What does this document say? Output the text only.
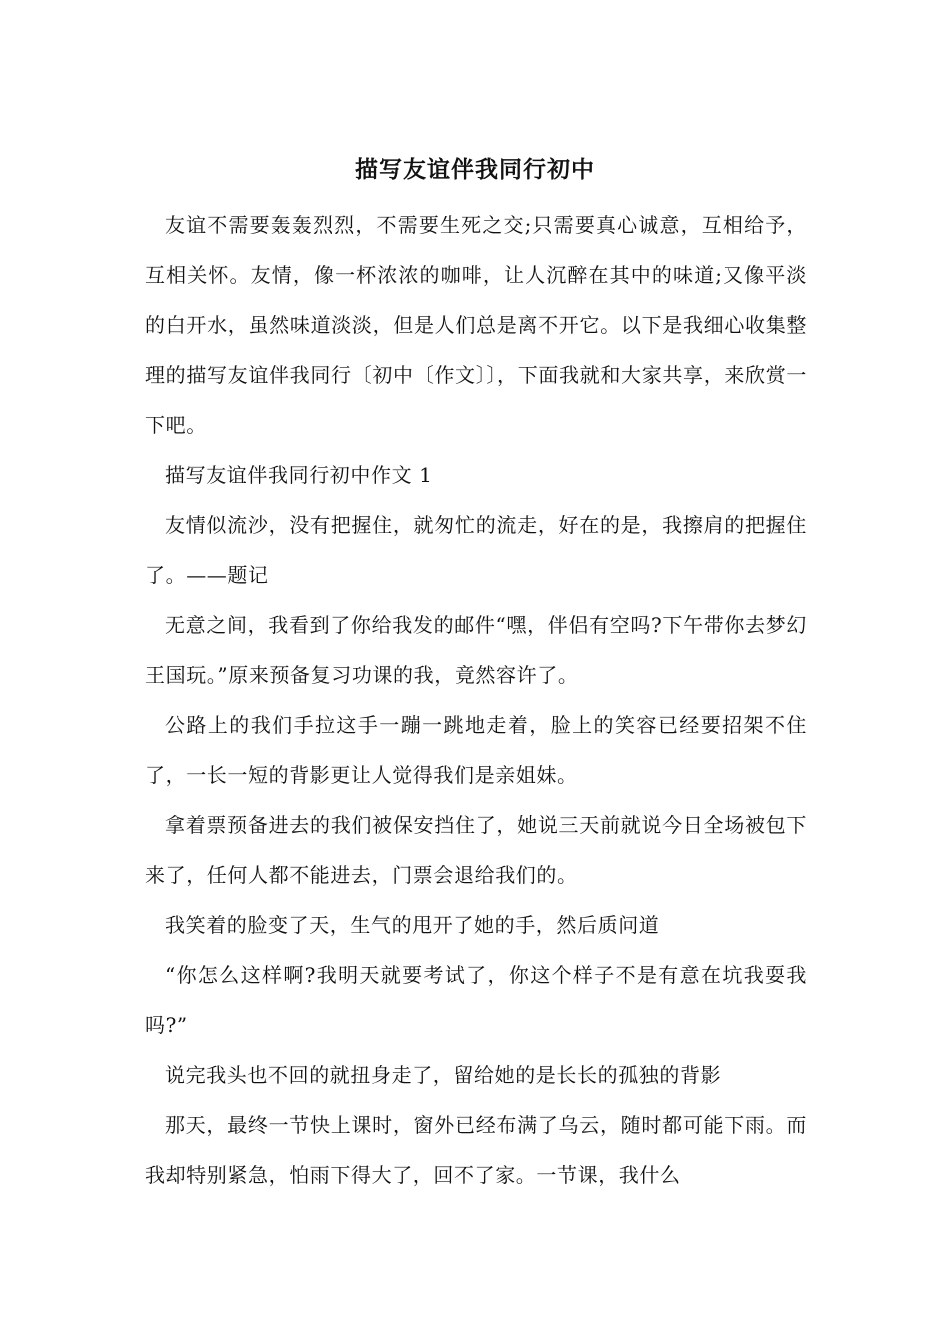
描写友谊伴我同行初中

友谊不需要轰轰烈烈，不需要生死之交;只需要真心诚意，互相给予，互相关怀。友情，像一杯浓浓的咖啡，让人沉醉在其中的味道;又像平淡的白开水，虽然味道淡淡，但是人们总是离不开它。以下是我细心收集整理的描写友谊伴我同行〔初中〔作文〕〕，下面我就和大家共享，来欣赏一下吧。

描写友谊伴我同行初中作文 1

友情似流沙，没有把握住，就匆忙的流走，好在的是，我擦肩的把握住了。——题记

无意之间，我看到了你给我发的邮件“嘿，伴侣有空吗?下午带你去梦幻王国玩。”原来预备复习功课的我，竟然容许了。

公路上的我们手拉这手一蹦一跳地走着，脸上的笑容已经要招架不住了，一长一短的背影更让人觉得我们是亲姐妹。

拿着票预备进去的我们被保安挡住了，她说三天前就说今日全场被包下来了，任何人都不能进去，门票会退给我们的。

我笑着的脸变了天，生气的甩开了她的手，然后质问道

“你怎么这样啊?我明天就要考试了，你这个样子不是有意在坑我耍我吗?”

说完我头也不回的就扭身走了，留给她的是长长的孤独的背影

那天，最终一节快上课时，窗外已经布满了乌云，随时都可能下雨。而我却特别紧急，怕雨下得大了，回不了家。一节课，我什么
